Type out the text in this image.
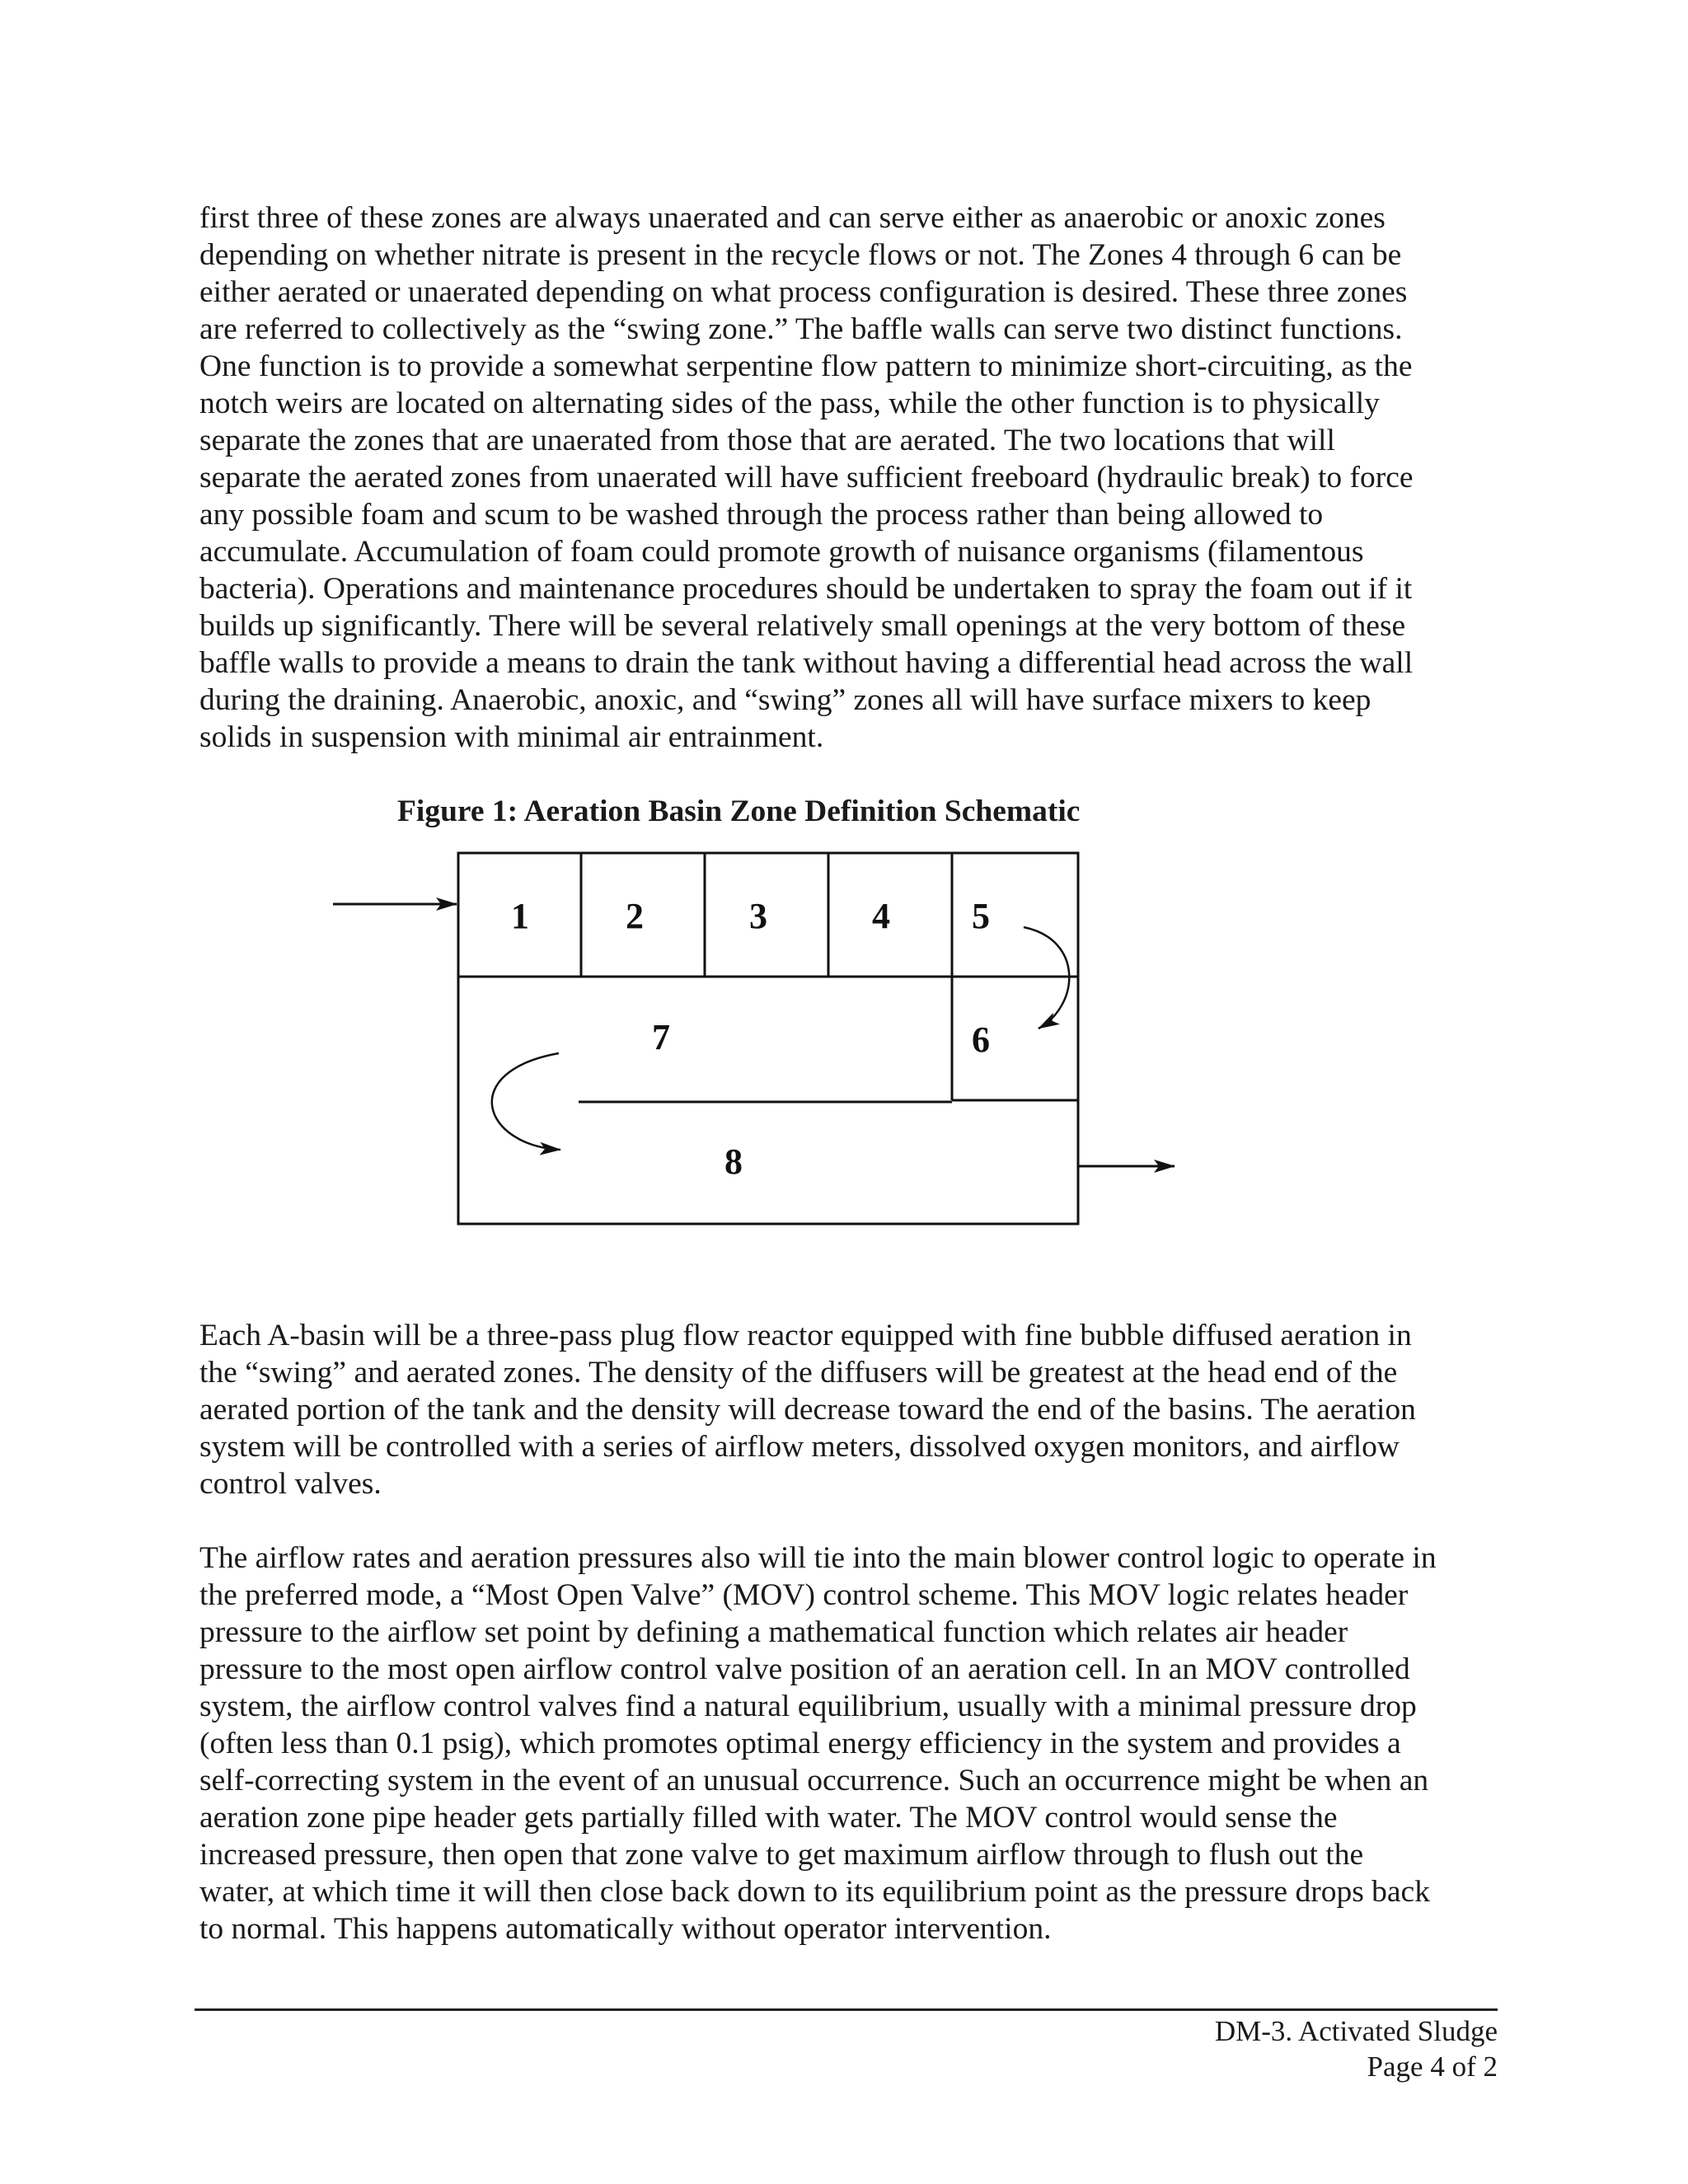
first three of these zones are always unaerated and can serve either as anaerobic or anoxic zones
depending on whether nitrate is present in the recycle flows or not. The Zones 4 through 6 can be
either aerated or unaerated depending on what process configuration is desired. These three zones
are referred to collectively as the “swing zone.” The baffle walls can serve two distinct functions.
One function is to provide a somewhat serpentine flow pattern to minimize short-circuiting, as the
notch weirs are located on alternating sides of the pass, while the other function is to physically
separate the zones that are unaerated from those that are aerated. The two locations that will
separate the aerated zones from unaerated will have sufficient freeboard (hydraulic break) to force
any possible foam and scum to be washed through the process rather than being allowed to
accumulate. Accumulation of foam could promote growth of nuisance organisms (filamentous
bacteria). Operations and maintenance procedures should be undertaken to spray the foam out if it
builds up significantly. There will be several relatively small openings at the very bottom of these
baffle walls to provide a means to drain the tank without having a differential head across the wall
during the draining. Anaerobic, anoxic, and “swing” zones all will have surface mixers to keep
solids in suspension with minimal air entrainment.

Figure 1: Aeration Basin Zone Definition Schematic

1	2	3	4 5
6
7
8

Each A-basin will be a three-pass plug flow reactor equipped with fine bubble diffused aeration in
the “swing” and aerated zones. The density of the diffusers will be greatest at the head end of the
aerated portion of the tank and the density will decrease toward the end of the basins. The aeration
system will be controlled with a series of airflow meters, dissolved oxygen monitors, and airflow
control valves.

The airflow rates and aeration pressures also will tie into the main blower control logic to operate in
the preferred mode, a “Most Open Valve” (MOV) control scheme. This MOV logic relates header
pressure to the airflow set point by defining a mathematical function which relates air header
pressure to the most open airflow control valve position of an aeration cell. In an MOV controlled
system, the airflow control valves find a natural equilibrium, usually with a minimal pressure drop
(often less than 0.1 psig), which promotes optimal energy efficiency in the system and provides a
self-correcting system in the event of an unusual occurrence. Such an occurrence might be when an
aeration zone pipe header gets partially filled with water. The MOV control would sense the
increased pressure, then open that zone valve to get maximum airflow through to flush out the
water, at which time it will then close back down to its equilibrium point as the pressure drops back
to normal. This happens automatically without operator intervention.

DM-3. Activated Sludge

Page 4 of 2
